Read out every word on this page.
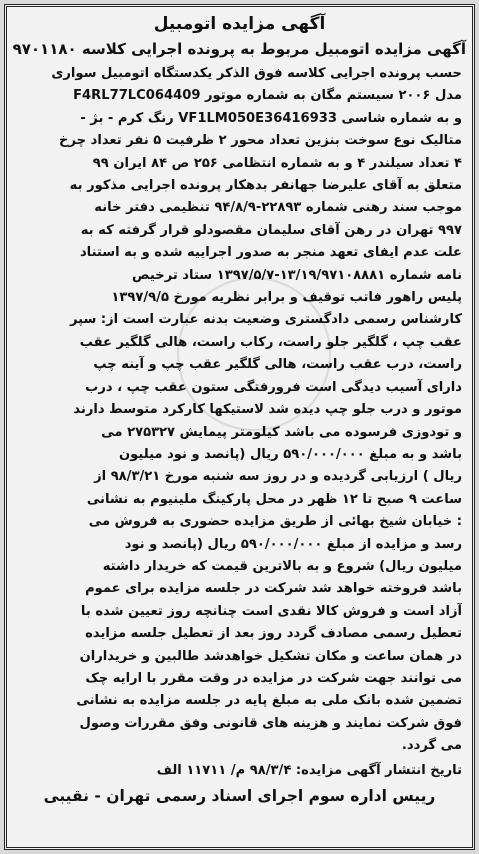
آگهی مزایده اتومبیل
آگهی مزایده اتومبیل مربوط به پرونده اجرایی کلاسه ۹۷۰۱۱۸۰
حسب پرونده اجرایی کلاسه فوق الذکر یکدستگاه اتومبیل سواری
مدل ۲۰۰۶ سیستم مگان به شماره موتور F4RL77LC064409
و به شماره شاسی VF1LM050E36416933 رنگ کرم - بژ -
متالیک نوع سوخت بنزین تعداد محور ۲ ظرفیت ۵ نفر تعداد چرخ
۴ تعداد سیلندر ۴ و به شماره انتظامی ۲۵۶ ص ۸۴ ایران ۹۹
متعلق به آقای علیرضا جهانفر بدهکار پرونده اجرایی مذکور به
موجب سند رهنی شماره ۲۲۸۹۳-۹۴/۸/۹ تنظیمی دفتر خانه
۹۹۷ تهران در رهن آقای سلیمان مقصودلو قرار گرفته که به
علت عدم ایفای تعهد منجر به صدور اجراییه شده و به استناد
نامه شماره ۱۳/۱۹/۹۷۱۰۸۸۸۱-۱۳۹۷/۵/۷ ستاد ترخیص
پلیس راهور فاتب توقیف و برابر نظریه مورخ ۱۳۹۷/۹/۵
کارشناس رسمی دادگستری وضعیت بدنه عبارت است از: سپر
عقب چپ ، گلگیر جلو راست، رکاب راست، هالی گلگیر عقب
راست، درب عقب راست، هالی گلگیر عقب چپ و آینه چپ
دارای آسیب دیدگی است فرورفتگی ستون عقب چپ ، درب
موتور و درب جلو چپ دیده شد لاستیکها کارکرد متوسط دارند
و تودوزی فرسوده می باشد کیلومتر پیمایش ۲۷۵۳۲۷ می
باشد و به مبلغ ۵۹۰/۰۰۰/۰۰۰ ریال (پانصد و نود میلیون
ریال ) ارزیابی گردیده و در روز سه شنبه مورخ ۹۸/۳/۲۱ از
ساعت ۹ صبح تا ۱۲ ظهر در محل پارکینگ ملینیوم به نشانی
: خیابان شیخ بهائی از طریق مزایده حضوری به فروش می
رسد و مزایده از مبلغ ۵۹۰/۰۰۰/۰۰۰ ریال (پانصد و نود
میلیون ریال) شروع و به بالاترین قیمت که خریدار داشته
باشد فروخته خواهد شد شرکت در جلسه مزایده برای عموم
آزاد است و فروش کالا نقدی است چنانچه روز تعیین شده با
تعطیل رسمی مصادف گردد روز بعد از تعطیل جلسه مزایده
در همان ساعت و مکان تشکیل خواهدشد طالبین و خریداران
می توانند جهت شرکت در مزایده در وقت مقرر با ارایه چک
تضمین شده بانک ملی به مبلغ پایه در جلسه مزایده به نشانی
فوق شرکت نمایند و هزینه های قانونی وفق مقررات وصول
می گردد.
تاریخ انتشار آگهی مزایده: ۹۸/۳/۴ م/ ۱۱۷۱۱ الف
رییس اداره سوم اجرای اسناد رسمی تهران - نقیبی
